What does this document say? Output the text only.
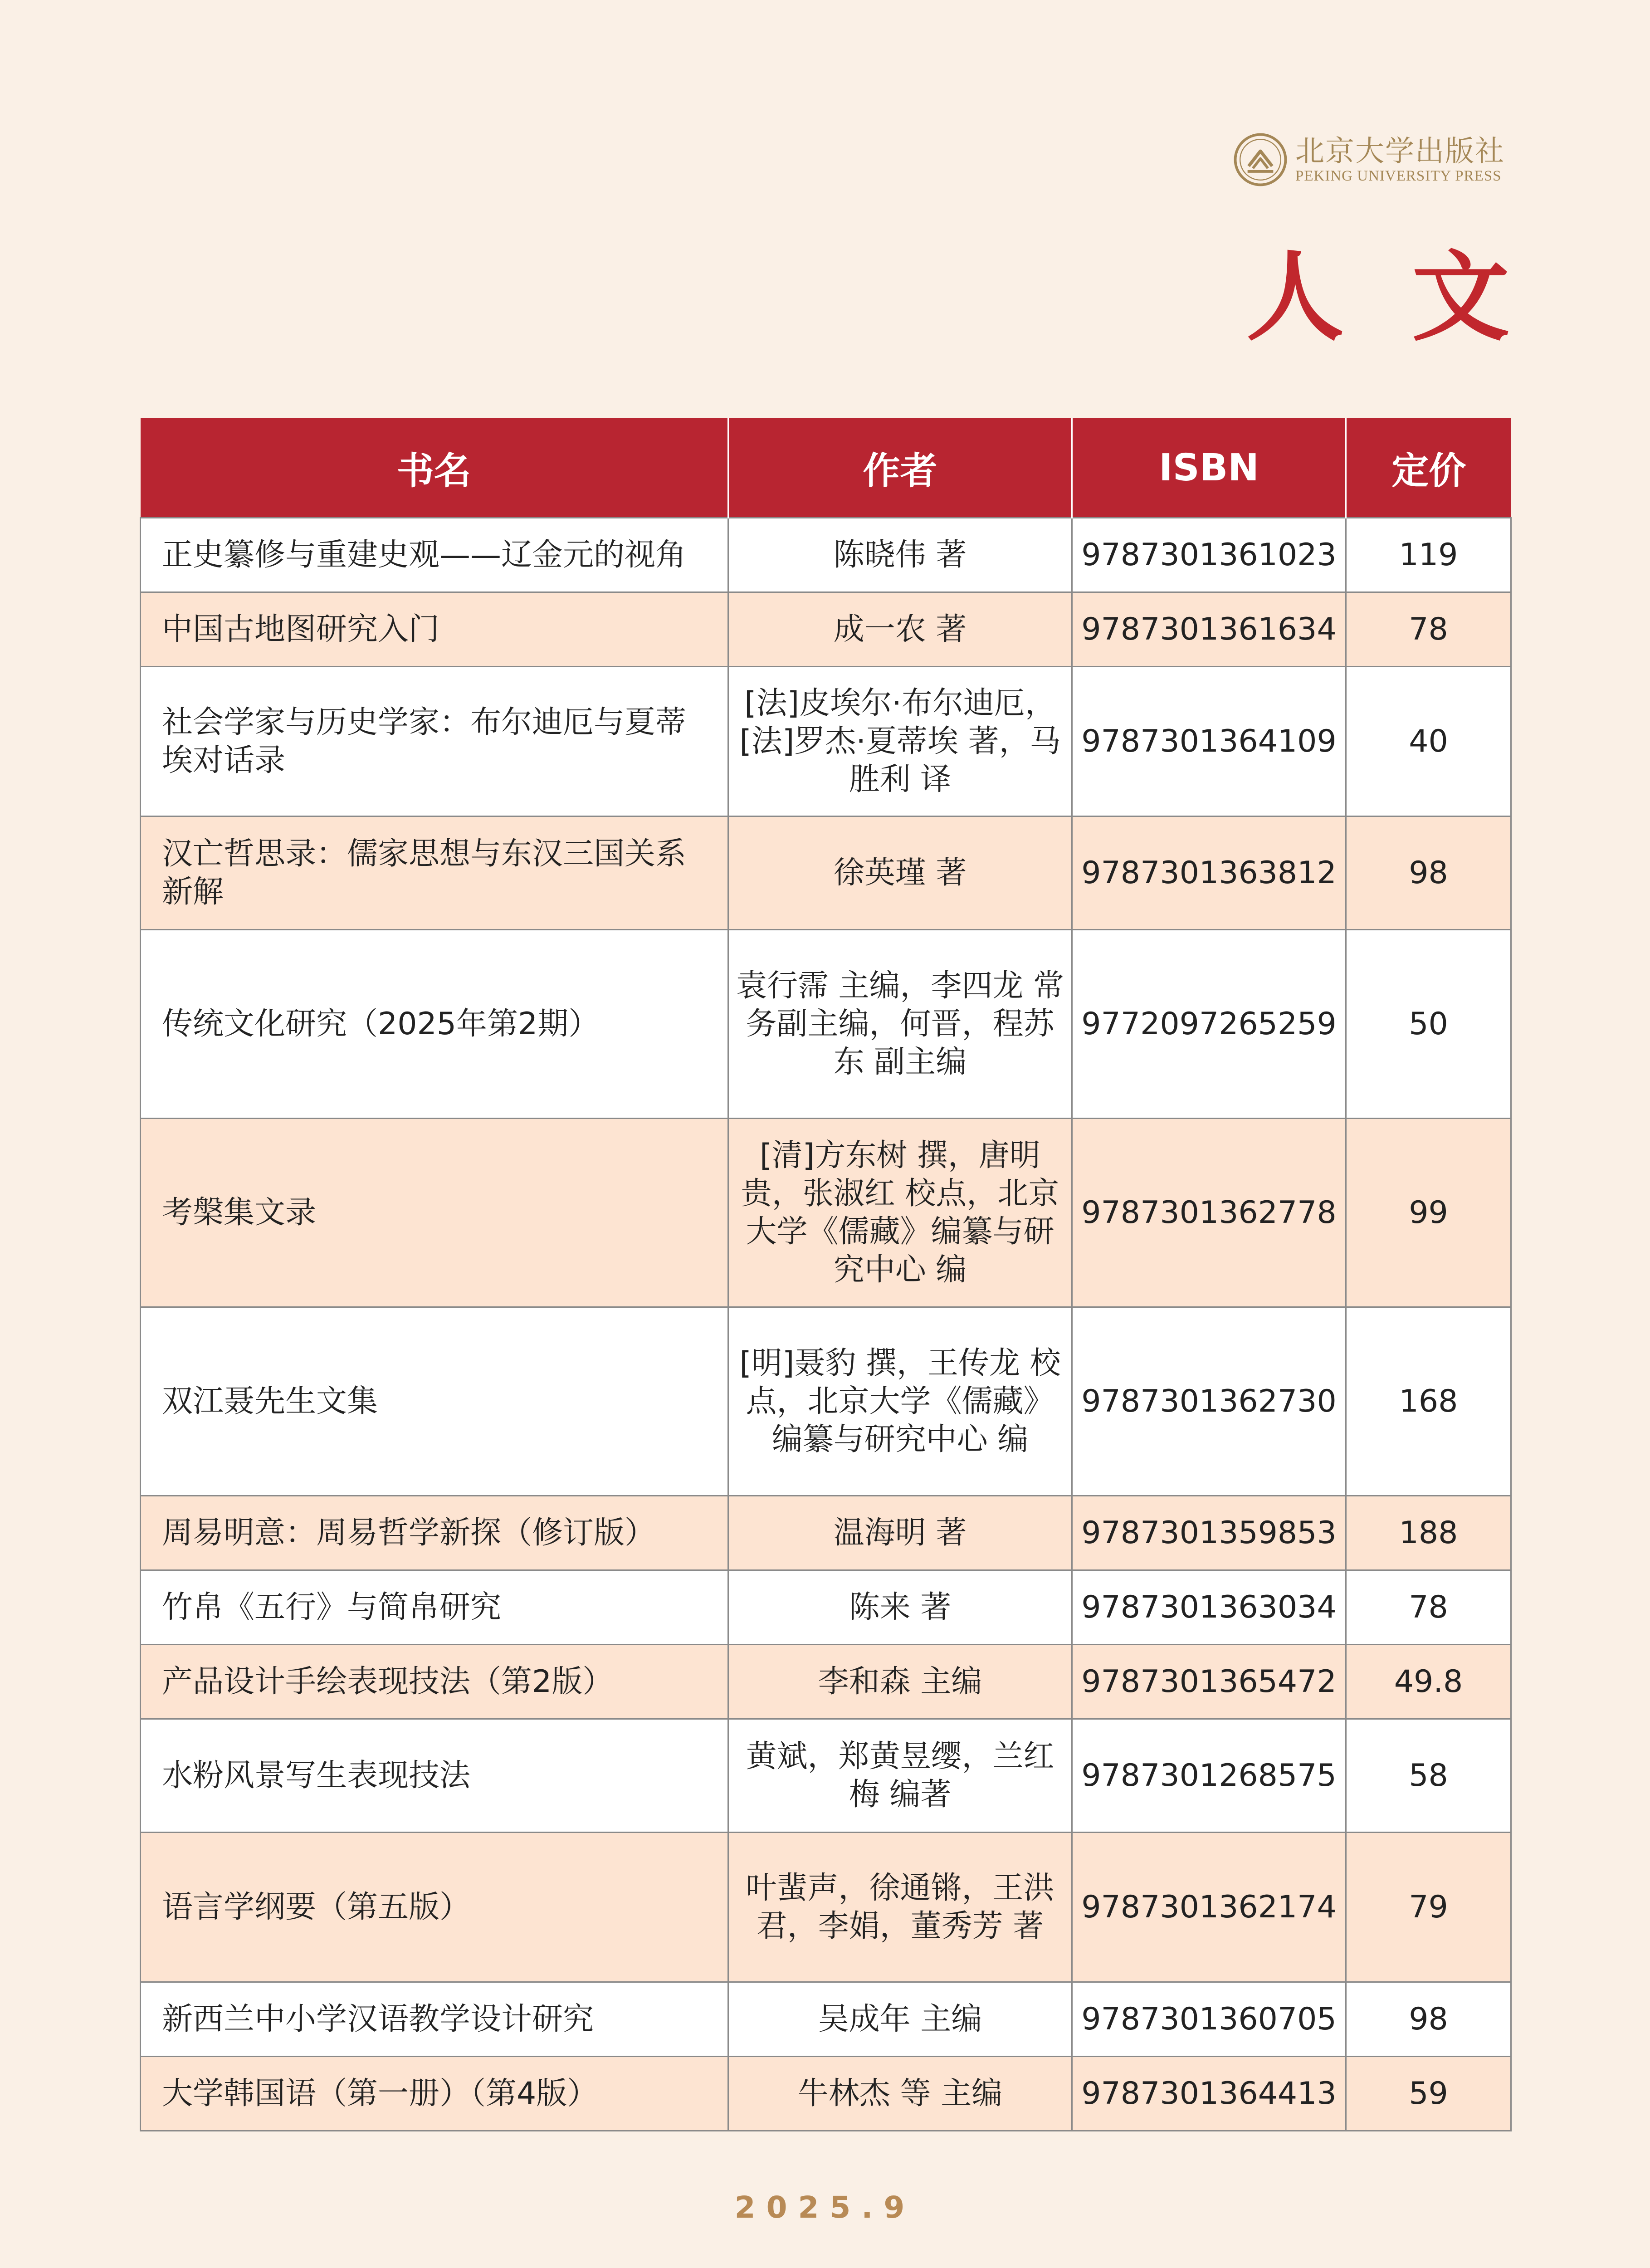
北京大学出版社
PEKING UNIVERSITY PRESS
人文
书名	作者	ISBN	定价
正史纂修与重建史观——辽金元的视角	陈晓伟 著	9787301361023	119
中国古地图研究入门	成一农 著	9787301361634	78
社会学家与历史学家：布尔迪厄与夏蒂埃对话录	[法]皮埃尔·布尔迪厄，[法]罗杰·夏蒂埃 著，马胜利 译	9787301364109	40
汉亡哲思录：儒家思想与东汉三国关系新解	徐英瑾 著	9787301363812	98
传统文化研究（2025年第2期）	袁行霈 主编，李四龙 常务副主编，何晋，程苏东 副主编	9772097265259	50
考槃集文录	[清]方东树 撰，唐明贵，张淑红 校点，北京大学《儒藏》编纂与研究中心 编	9787301362778	99
双江聂先生文集	[明]聂豹 撰，王传龙 校点，北京大学《儒藏》编纂与研究中心 编	9787301362730	168
周易明意：周易哲学新探（修订版）	温海明 著	9787301359853	188
竹帛《五行》与简帛研究	陈来 著	9787301363034	78
产品设计手绘表现技法（第2版）	李和森 主编	9787301365472	49.8
水粉风景写生表现技法	黄斌，郑黄昱缨，兰红梅 编著	9787301268575	58
语言学纲要（第五版）	叶蜚声，徐通锵，王洪君，李娟，董秀芳 著	9787301362174	79
新西兰中小学汉语教学设计研究	吴成年 主编	9787301360705	98
大学韩国语（第一册）（第4版）	牛林杰 等 主编	9787301364413	59
2025.9
